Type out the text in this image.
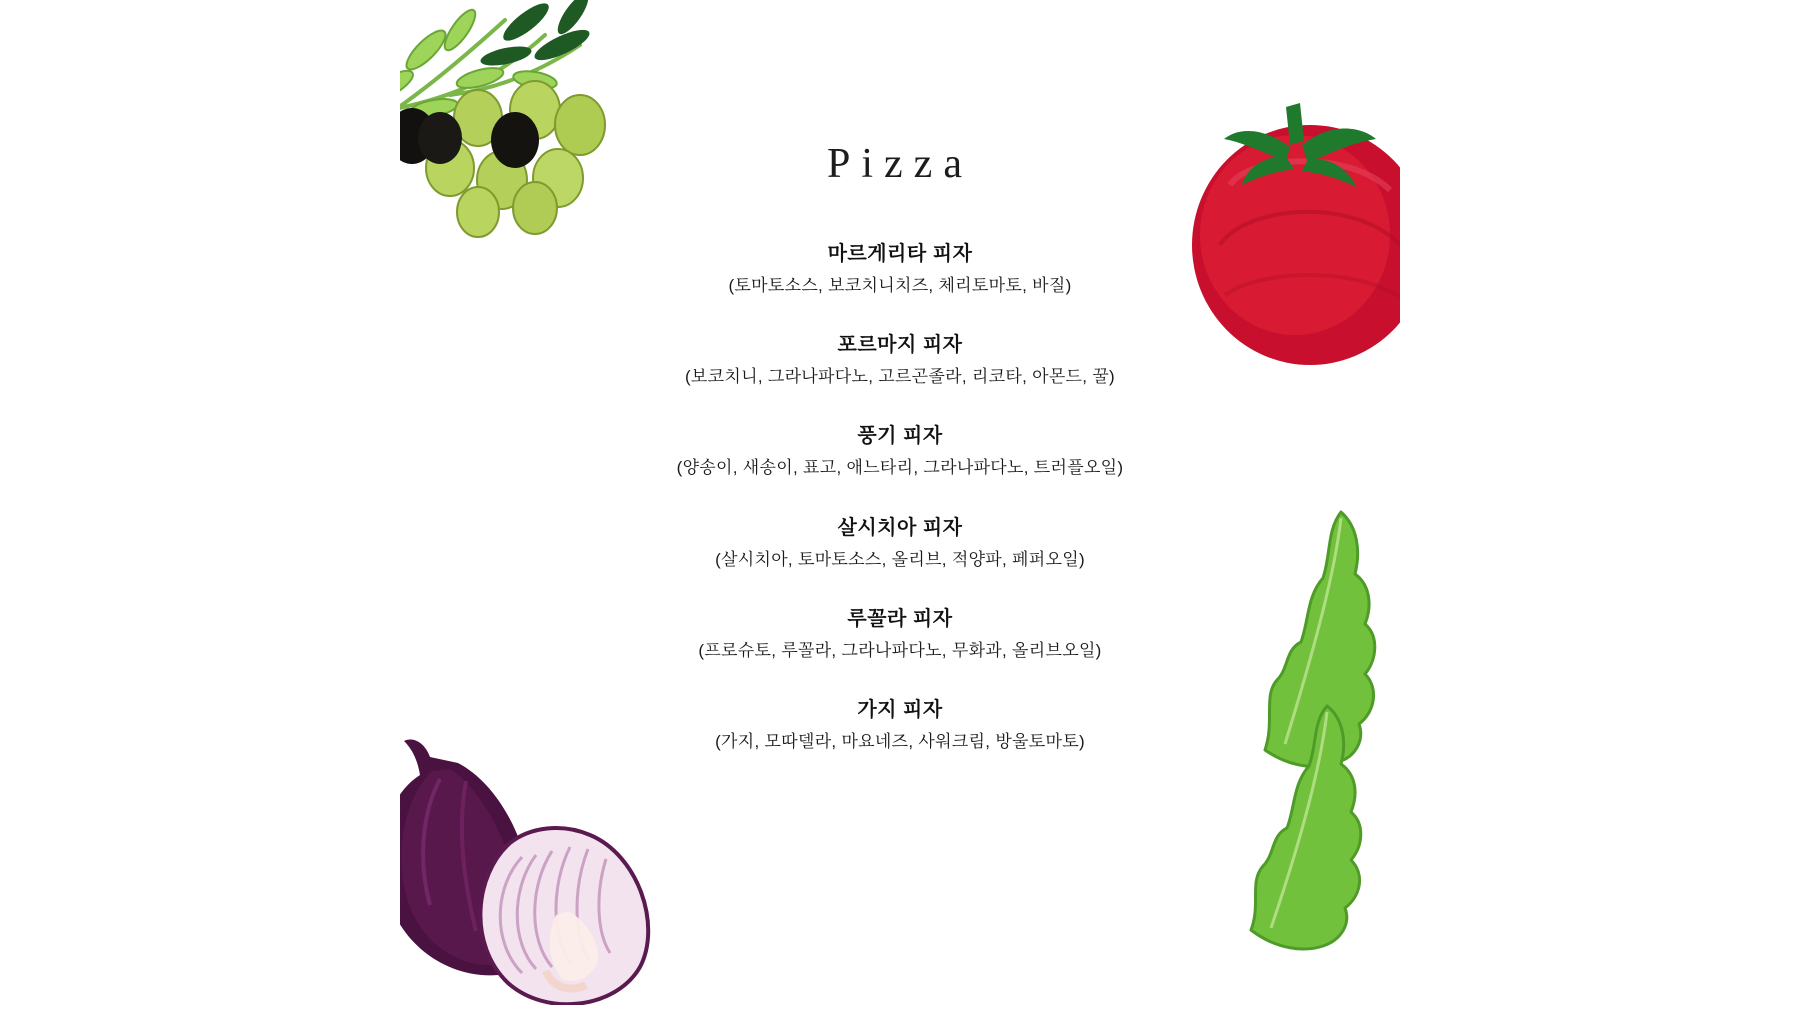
Pizza
마르게리타 피자
(토마토소스, 보코치니치즈, 체리토마토, 바질)
포르마지 피자
(보코치니, 그라나파다노, 고르곤졸라, 리코타, 아몬드, 꿀)
풍기 피자
(양송이, 새송이, 표고, 애느타리, 그라나파다노, 트러플오일)
살시치아 피자
(살시치아, 토마토소스, 올리브, 적양파, 페퍼오일)
루꼴라 피자
(프로슈토, 루꼴라, 그라나파다노, 무화과, 올리브오일)
가지 피자
(가지, 모따델라, 마요네즈, 사워크림, 방울토마토)
